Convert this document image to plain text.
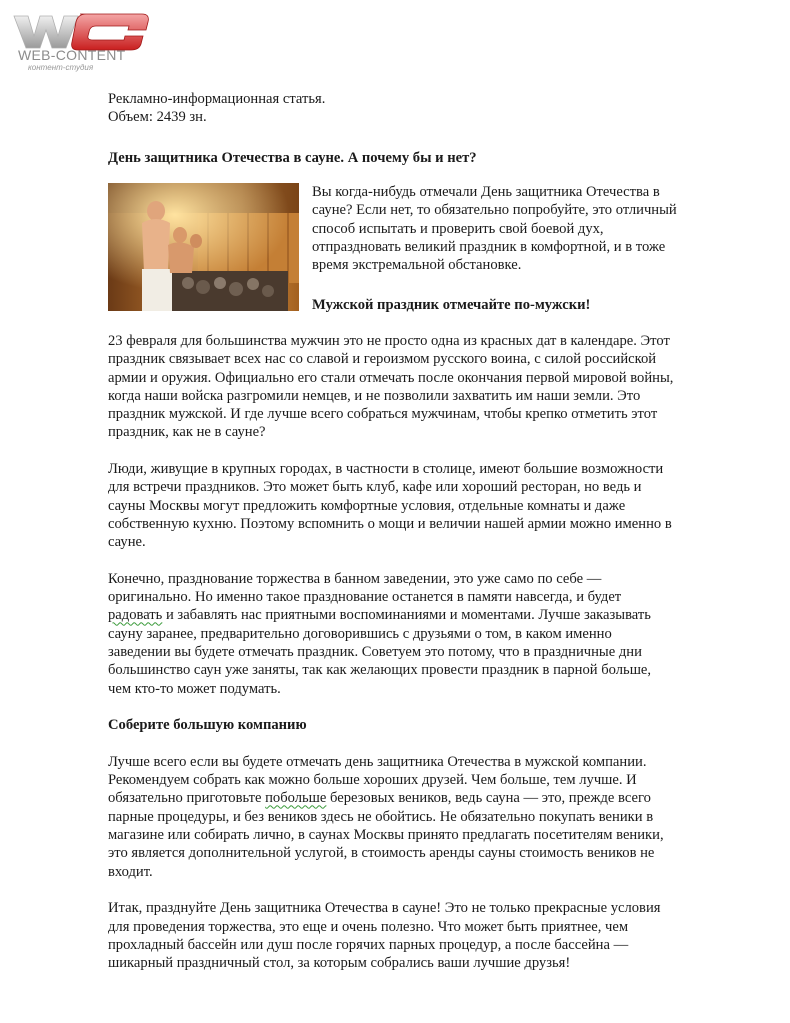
WEB-CONTENT
контент-студия
Рекламно-информационная статья.
Объем: 2439 зн.
День защитника Отечества в сауне. А почему бы и нет?
Вы когда-нибудь отмечали День защитника Отечества в
сауне? Если нет, то обязательно попробуйте, это отличный
способ испытать и проверить свой боевой дух,
отпраздновать великий праздник в комфортной, и в тоже
время экстремальной обстановке.
Мужской праздник отмечайте по-мужски!
23 февраля для большинства мужчин это не просто одна из красных дат в календаре. Этот
праздник связывает всех нас со славой и героизмом русского воина, с силой российской
армии и оружия. Официально его стали отмечать после окончания первой мировой войны,
когда наши войска разгромили немцев, и не позволили захватить им наши земли. Это
праздник мужской. И где лучше всего собраться мужчинам, чтобы крепко отметить этот
праздник, как не в сауне?
Люди, живущие в крупных городах, в частности в столице, имеют большие возможности
для встречи праздников. Это может быть клуб, кафе или хороший ресторан, но ведь и
сауны Москвы могут предложить комфортные условия, отдельные комнаты и даже
собственную кухню. Поэтому вспомнить о мощи и величии нашей армии можно именно в
сауне.
Конечно, празднование торжества в банном заведении, это уже само по себе —
оригинально. Но именно такое празднование останется в памяти навсегда, и будет
радовать и забавлять нас приятными воспоминаниями и моментами. Лучше заказывать
сауну заранее, предварительно договорившись с друзьями о том, в каком именно
заведении вы будете отмечать праздник. Советуем это потому, что в праздничные дни
большинство саун уже заняты, так как желающих провести праздник в парной больше,
чем кто-то может подумать.
Соберите большую компанию
Лучше всего если вы будете отмечать день защитника Отечества в мужской компании.
Рекомендуем собрать как можно больше хороших друзей. Чем больше, тем лучше. И
обязательно приготовьте побольше березовых веников, ведь сауна — это, прежде всего
парные процедуры, и без веников здесь не обойтись. Не обязательно покупать веники в
магазине или собирать лично, в саунах Москвы принято предлагать посетителям веники,
это является дополнительной услугой, в стоимость аренды сауны стоимость веников не
входит.
Итак, празднуйте День защитника Отечества в сауне! Это не только прекрасные условия
для проведения торжества, это еще и очень полезно. Что может быть приятнее, чем
прохладный бассейн или душ после горячих парных процедур, а после бассейна —
шикарный праздничный стол, за которым собрались ваши лучшие друзья!
